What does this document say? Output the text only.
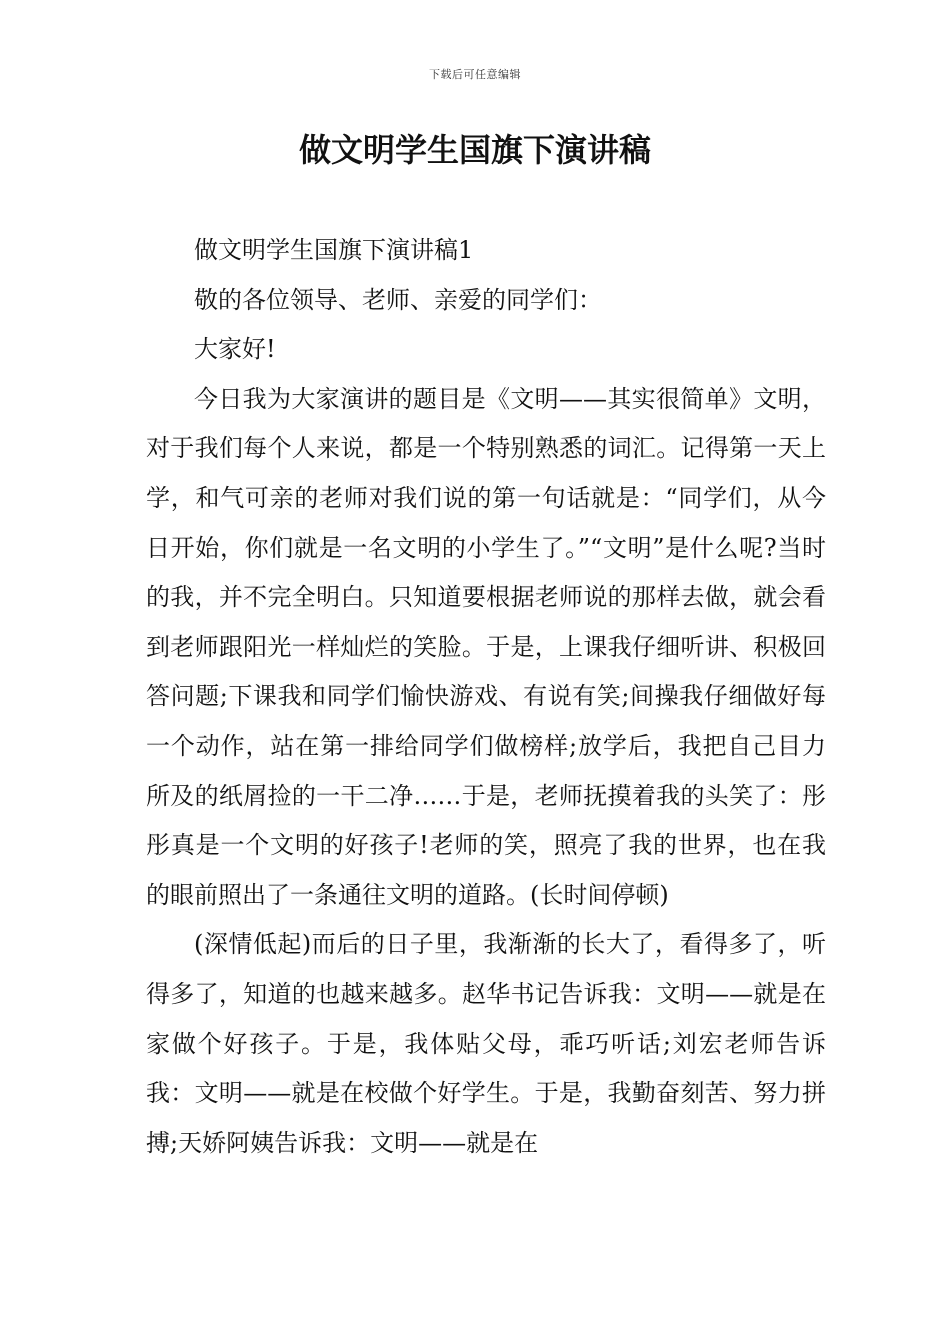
下载后可任意编辑
做文明学生国旗下演讲稿

做文明学生国旗下演讲稿1

敬的各位领导、老师、亲爱的同学们：

大家好!

今日我为大家演讲的题目是《文明——其实很简单》文明，对于我们每个人来说，都是一个特别熟悉的词汇。记得第一天上学，和气可亲的老师对我们说的第一句话就是：“同学们，从今日开始，你们就是一名文明的小学生了。”“文明”是什么呢?当时的我，并不完全明白。只知道要根据老师说的那样去做，就会看到老师跟阳光一样灿烂的笑脸。于是，上课我仔细听讲、积极回答问题;下课我和同学们愉快游戏、有说有笑;间操我仔细做好每一个动作，站在第一排给同学们做榜样;放学后，我把自己目力所及的纸屑捡的一干二净……于是，老师抚摸着我的头笑了：彤彤真是一个文明的好孩子!老师的笑，照亮了我的世界，也在我的眼前照出了一条通往文明的道路。(长时间停顿)

(深情低起)而后的日子里，我渐渐的长大了，看得多了，听得多了，知道的也越来越多。赵华书记告诉我：文明——就是在家做个好孩子。于是，我体贴父母，乖巧听话;刘宏老师告诉我：文明——就是在校做个好学生。于是，我勤奋刻苦、努力拼搏;天娇阿姨告诉我：文明——就是在
